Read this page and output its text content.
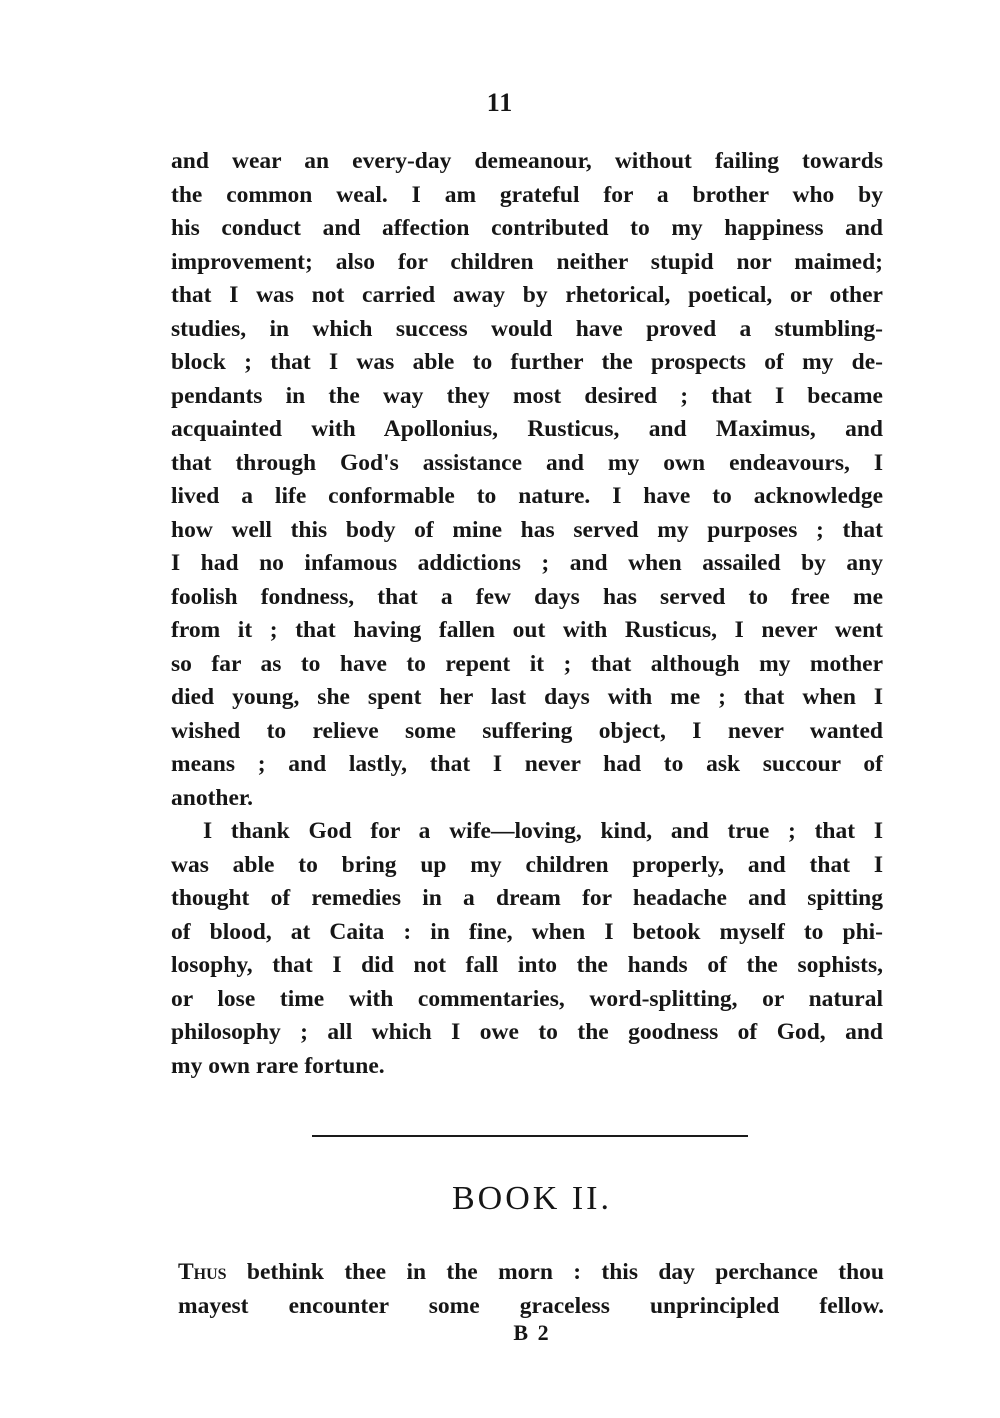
11
and wear an every-day demeanour, without failing towards
the common weal. I am grateful for a brother who by
his conduct and affection contributed to my happiness and
improvement; also for children neither stupid nor maimed;
that I was not carried away by rhetorical, poetical, or other
studies, in which success would have proved a stumbling-
block ; that I was able to further the prospects of my de-
pendants in the way they most desired ; that I became
acquainted with Apollonius, Rusticus, and Maximus, and
that through God's assistance and my own endeavours, I
lived a life conformable to nature. I have to acknowledge
how well this body of mine has served my purposes ; that
I had no infamous addictions ; and when assailed by any
foolish fondness, that a few days has served to free me
from it ; that having fallen out with Rusticus, I never went
so far as to have to repent it ; that although my mother
died young, she spent her last days with me ; that when I
wished to relieve some suffering object, I never wanted
means ; and lastly, that I never had to ask succour of
another.
I thank God for a wife—loving, kind, and true ; that I
was able to bring up my children properly, and that I
thought of remedies in a dream for headache and spitting
of blood, at Caita : in fine, when I betook myself to phi-
losophy, that I did not fall into the hands of the sophists,
or lose time with commentaries, word-splitting, or natural
philosophy ; all which I owe to the goodness of God, and
my own rare fortune.
BOOK II.
Thus bethink thee in the morn : this day perchance thou
mayest encounter some graceless unprincipled fellow.
B 2
